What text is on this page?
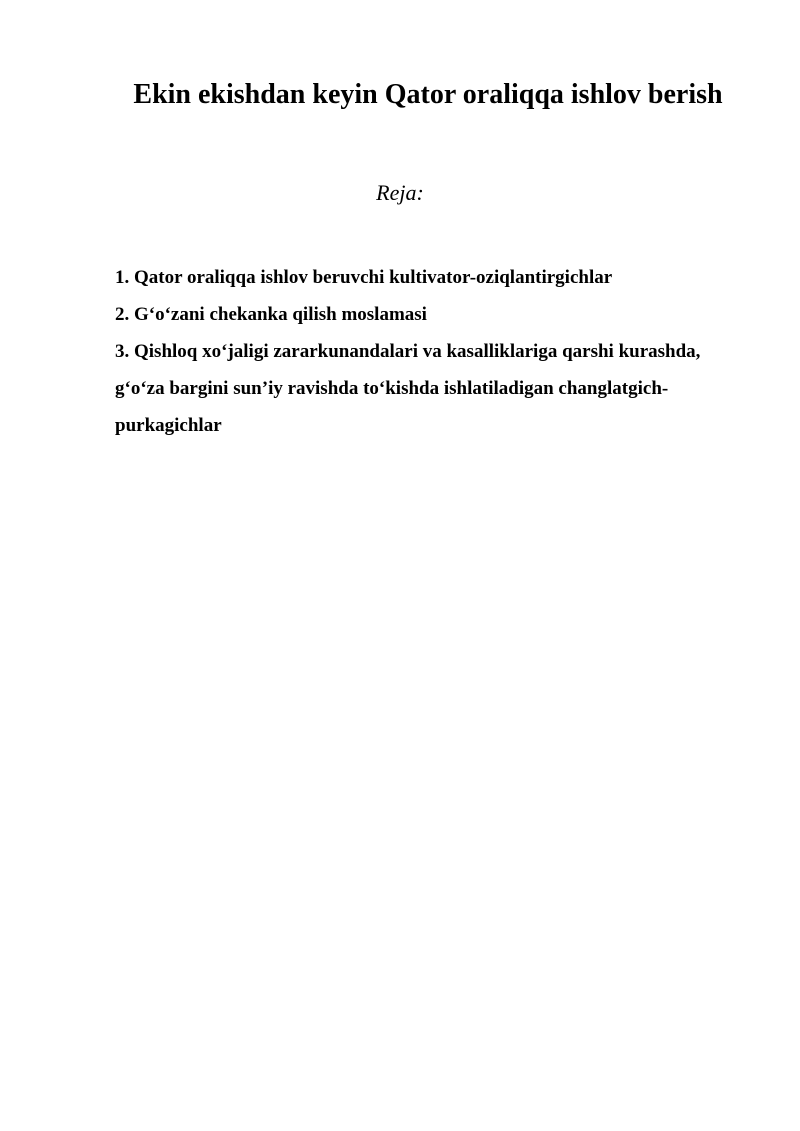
Ekin ekishdan keyin Qator oraliqqa ishlov berish

Reja:

1. Qator oraliqqa ishlov beruvchi kultivator-oziqlantirgichlar
2. G‘o‘zani chekanka qilish moslamasi
3. Qishloq xo‘jaligi zararkunandalari va kasalliklariga qarshi kurashda, g‘o‘za bargini sun’iy ravishda to‘kishda ishlatiladigan changlatgich-purkagichlar
